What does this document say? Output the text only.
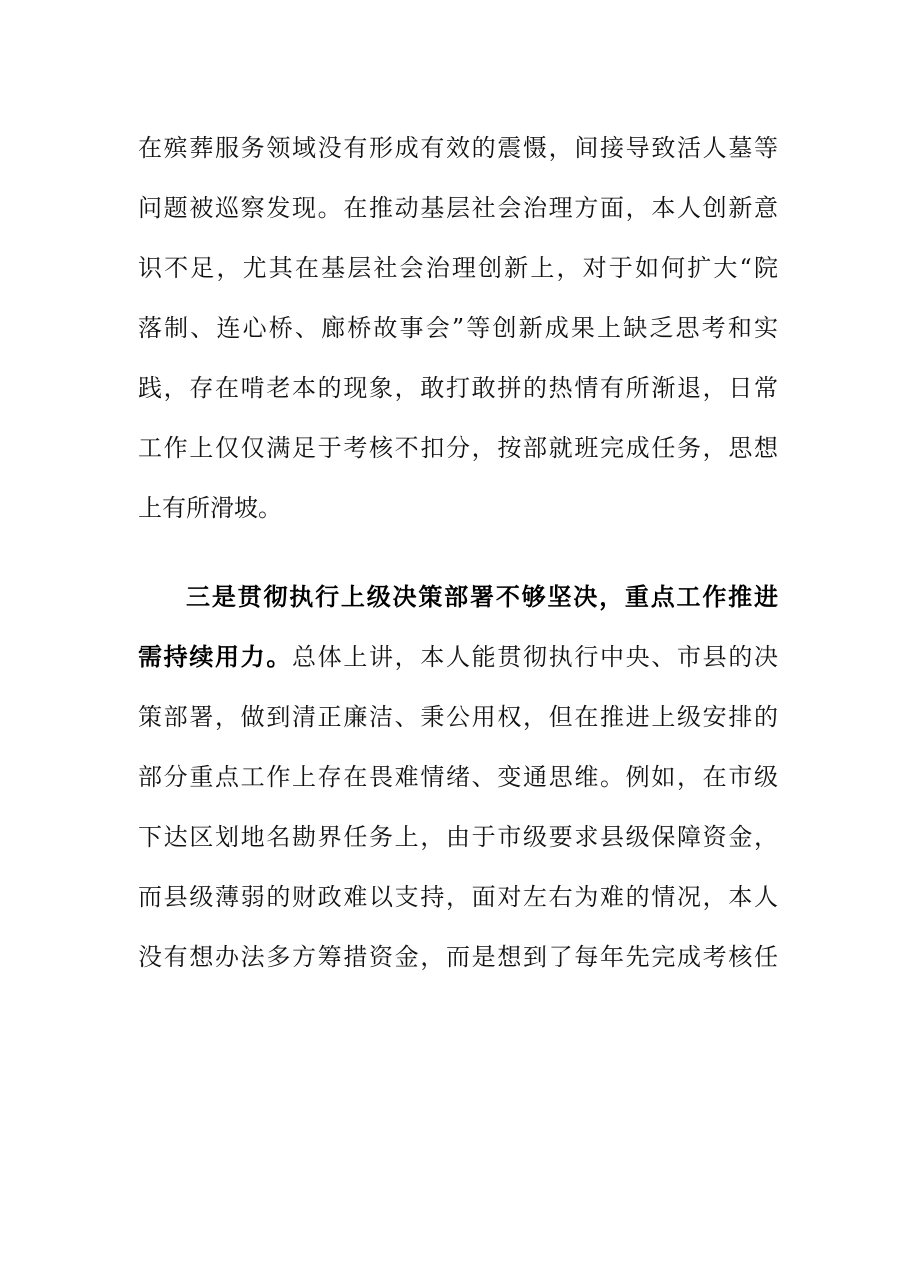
在殡葬服务领域没有形成有效的震慑，间接导致活人墓等
问题被巡察发现。在推动基层社会治理方面，本人创新意
识不足，尤其在基层社会治理创新上，对于如何扩大“院
落制、连心桥、廊桥故事会”等创新成果上缺乏思考和实
践，存在啃老本的现象，敢打敢拼的热情有所渐退，日常
工作上仅仅满足于考核不扣分，按部就班完成任务，思想
上有所滑坡。
三是贯彻执行上级决策部署不够坚决，重点工作推进
需持续用力。总体上讲，本人能贯彻执行中央、市县的决
策部署，做到清正廉洁、秉公用权，但在推进上级安排的
部分重点工作上存在畏难情绪、变通思维。例如，在市级
下达区划地名勘界任务上，由于市级要求县级保障资金，
而县级薄弱的财政难以支持，面对左右为难的情况，本人
没有想办法多方筹措资金，而是想到了每年先完成考核任
